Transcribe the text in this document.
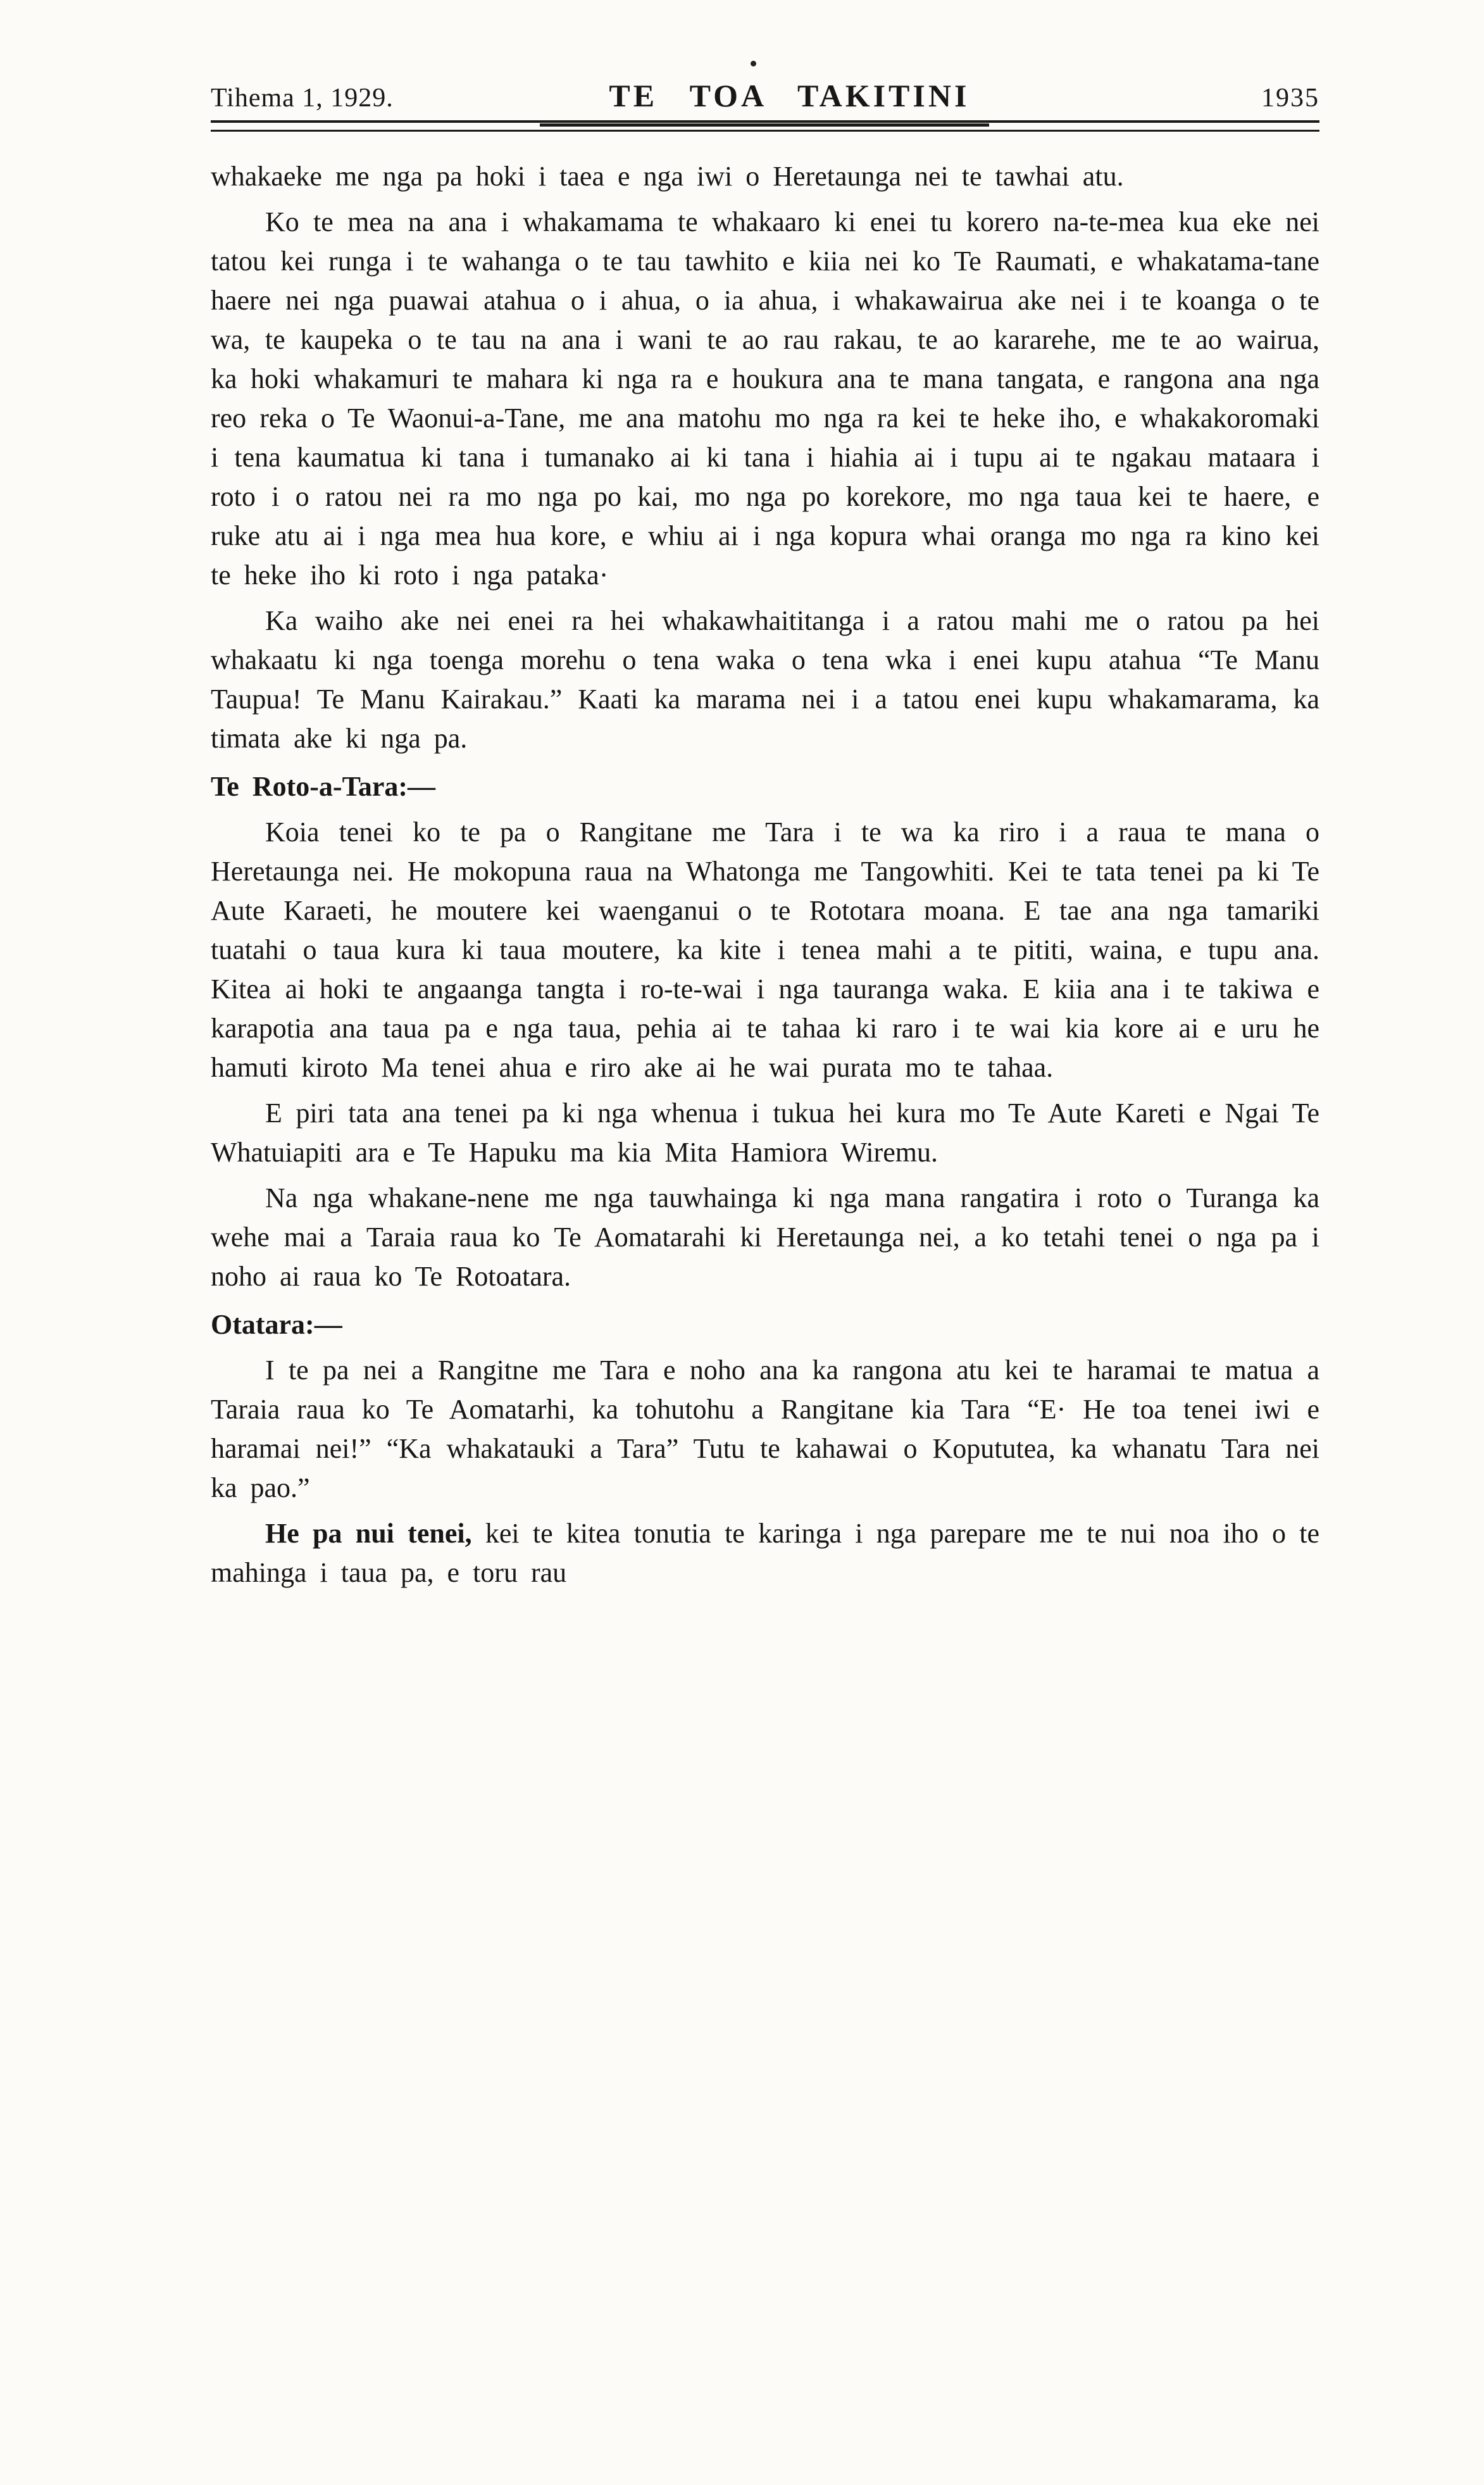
Tihema 1, 1929.	TE TOA TAKITINI	1935

whakaeke me nga pa hoki i taea e nga iwi o Heretaunga nei te tawhai atu.

Ko te mea na ana i whakamama te whakaaro ki enei tu korero na-te-mea kua eke nei tatou kei runga i te wahanga o te tau tawhito e kiia nei ko Te Raumati, e whakatama-tane haere nei nga puawai atahua o i ahua, o ia ahua, i whakawairua ake nei i te koanga o te wa, te kaupeka o te tau na ana i wani te ao rau rakau, te ao kararehe, me te ao wairua, ka hoki whakamuri te mahara ki nga ra e houkura ana te mana tangata, e rangona ana nga reo reka o Te Waonui-a-Tane, me ana matohu mo nga ra kei te heke iho, e whakakoromaki i tena kaumatua ki tana i tumanako ai ki tana i hiahia ai i tupu ai te ngakau mataara i roto i o ratou nei ra mo nga po kai, mo nga po korekore, mo nga taua kei te haere, e ruke atu ai i nga mea hua kore, e whiu ai i nga kopura whai oranga mo nga ra kino kei te heke iho ki roto i nga pataka·

Ka waiho ake nei enei ra hei whakawhaititanga i a ratou mahi me o ratou pa hei whakaatu ki nga toenga morehu o tena waka o tena wka i enei kupu atahua “Te Manu Taupua! Te Manu Kairakau.” Kaati ka marama nei i a tatou enei kupu whakamarama, ka timata ake ki nga pa.

Te Roto-a-Tara:—

Koia tenei ko te pa o Rangitane me Tara i te wa ka riro i a raua te mana o Heretaunga nei. He mokopuna raua na Whatonga me Tangowhiti. Kei te tata tenei pa ki Te Aute Karaeti, he moutere kei waenganui o te Rototara moana. E tae ana nga tamariki tuatahi o taua kura ki taua moutere, ka kite i tenea mahi a te pititi, waina, e tupu ana. Kitea ai hoki te angaanga tangta i ro-te-wai i nga tauranga waka. E kiia ana i te takiwa e karapotia ana taua pa e nga taua, pehia ai te tahaa ki raro i te wai kia kore ai e uru he hamuti kiroto Ma tenei ahua e riro ake ai he wai purata mo te tahaa.

E piri tata ana tenei pa ki nga whenua i tukua hei kura mo Te Aute Kareti e Ngai Te Whatuiapiti ara e Te Hapuku ma kia Mita Hamiora Wiremu.

Na nga whakane-nene me nga tauwhainga ki nga mana rangatira i roto o Turanga ka wehe mai a Taraia raua ko Te Aomatarahi ki Heretaunga nei, a ko tetahi tenei o nga pa i noho ai raua ko Te Rotoatara.

Otatara:—

I te pa nei a Rangitne me Tara e noho ana ka rangona atu kei te haramai te matua a Taraia raua ko Te Aomatarhi, ka tohutohu a Rangitane kia Tara “E· He toa tenei iwi e haramai nei!” “Ka whakatauki a Tara” Tutu te kahawai o Kopututea, ka whanatu Tara nei ka pao.”

He pa nui tenei, kei te kitea tonutia te karinga i nga parepare me te nui noa iho o te mahinga i taua pa, e toru rau
